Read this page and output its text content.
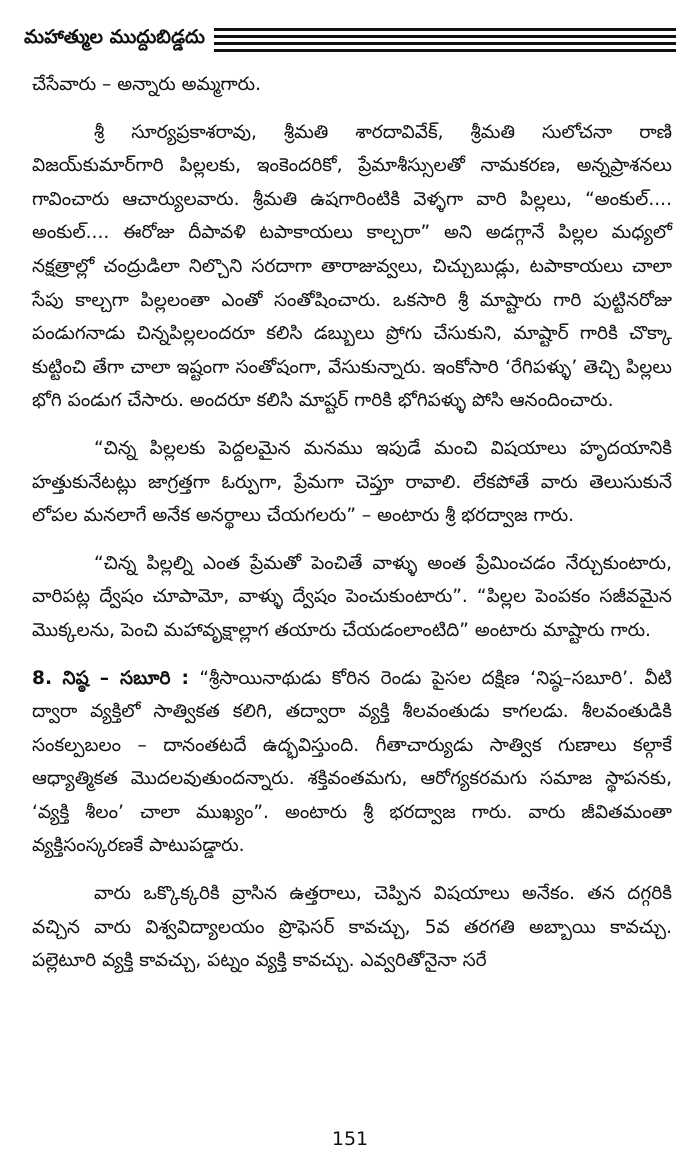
మహాత్ముల ముద్దుబిడ్డదు

చేసేవారు – అన్నారు అమ్మగారు.

శ్రీ సూర్యప్రకాశరావు, శ్రీమతి శారదావివేక్, శ్రీమతి సులోచనా రాణి విజయ్‌కుమార్‌గారి పిల్లలకు, ఇంకెందరికో, ప్రేమాశీస్సులతో నామకరణ, అన్నప్రాశనలు గావించారు ఆచార్యులవారు. శ్రీమతి ఉషగారింటికి వెళ్ళగా వారి పిల్లలు, “అంకుల్.... అంకుల్.... ఈరోజు దీపావళి టపాకాయలు కాల్చరా” అని అడగ్గానే పిల్లల మధ్యలో నక్షత్రాల్లో చంద్రుడిలా నిల్చొని సరదాగా తారాజువ్వలు, చిచ్చుబుడ్లు, టపాకాయలు చాలా సేపు కాల్చగా పిల్లలంతా ఎంతో సంతోషించారు. ఒకసారి శ్రీ మాష్టారు గారి పుట్టినరోజు పండుగనాడు చిన్నపిల్లలందరూ కలిసి డబ్బులు ప్రోగు చేసుకుని, మాష్టార్ గారికి చొక్కా కుట్టించి తేగా చాలా ఇష్టంగా సంతోషంగా, వేసుకున్నారు. ఇంకోసారి ‘రేగిపళ్ళు’ తెచ్చి పిల్లలు భోగి పండుగ చేసారు. అందరూ కలిసి మాష్టర్ గారికి భోగిపళ్ళు పోసి ఆనందించారు.

“చిన్న పిల్లలకు పెద్దలమైన మనము ఇపుడే మంచి విషయాలు హృదయానికి హత్తుకునేటట్లు జాగ్రత్తగా ఓర్పుగా, ప్రేమగా చెప్తూ రావాలి. లేకపోతే వారు తెలుసుకునే లోపల మనలాగే అనేక అనర్థాలు చేయగలరు” – అంటారు శ్రీ భరద్వాజ గారు.

“చిన్న పిల్లల్ని ఎంత ప్రేమతో పెంచితే వాళ్ళు అంత ప్రేమించడం నేర్చుకుంటారు, వారిపట్ల ద్వేషం చూపామో, వాళ్ళు ద్వేషం పెంచుకుంటారు”. “పిల్లల పెంపకం సజీవమైన మొక్కలను, పెంచి మహావృక్షాల్లాగ తయారు చేయడంలాంటిది” అంటారు మాష్టారు గారు.

8. నిష్ఠ – సబూరి : “శ్రీసాయినాథుడు కోరిన రెండు పైసల దక్షిణ ‘నిష్ఠ–సబూరి’. వీటి ద్వారా వ్యక్తిలో సాత్వికత కలిగి, తద్వారా వ్యక్తి శీలవంతుడు కాగలడు. శీలవంతుడికి సంకల్పబలం – దానంతటదే ఉద్భవిస్తుంది. గీతాచార్యుడు సాత్విక గుణాలు కల్గాకే ఆధ్యాత్మికత మొదలవుతుందన్నారు. శక్తివంతమగు, ఆరోగ్యకరమగు సమాజ స్థాపనకు, ‘వ్యక్తి శీలం’ చాలా ముఖ్యం”. అంటారు శ్రీ భరద్వాజ గారు. వారు జీవితమంతా వ్యక్తిసంస్కరణకే పాటుపడ్డారు.

వారు ఒక్కొక్కరికి వ్రాసిన ఉత్తరాలు, చెప్పిన విషయాలు అనేకం. తన దగ్గరికి వచ్చిన వారు విశ్వవిద్యాలయం ప్రొఫెసర్ కావచ్చు, 5వ తరగతి అబ్బాయి కావచ్చు. పల్లెటూరి వ్యక్తి కావచ్చు, పట్నం వ్యక్తి కావచ్చు. ఎవ్వరితోనైనా సరే

151
